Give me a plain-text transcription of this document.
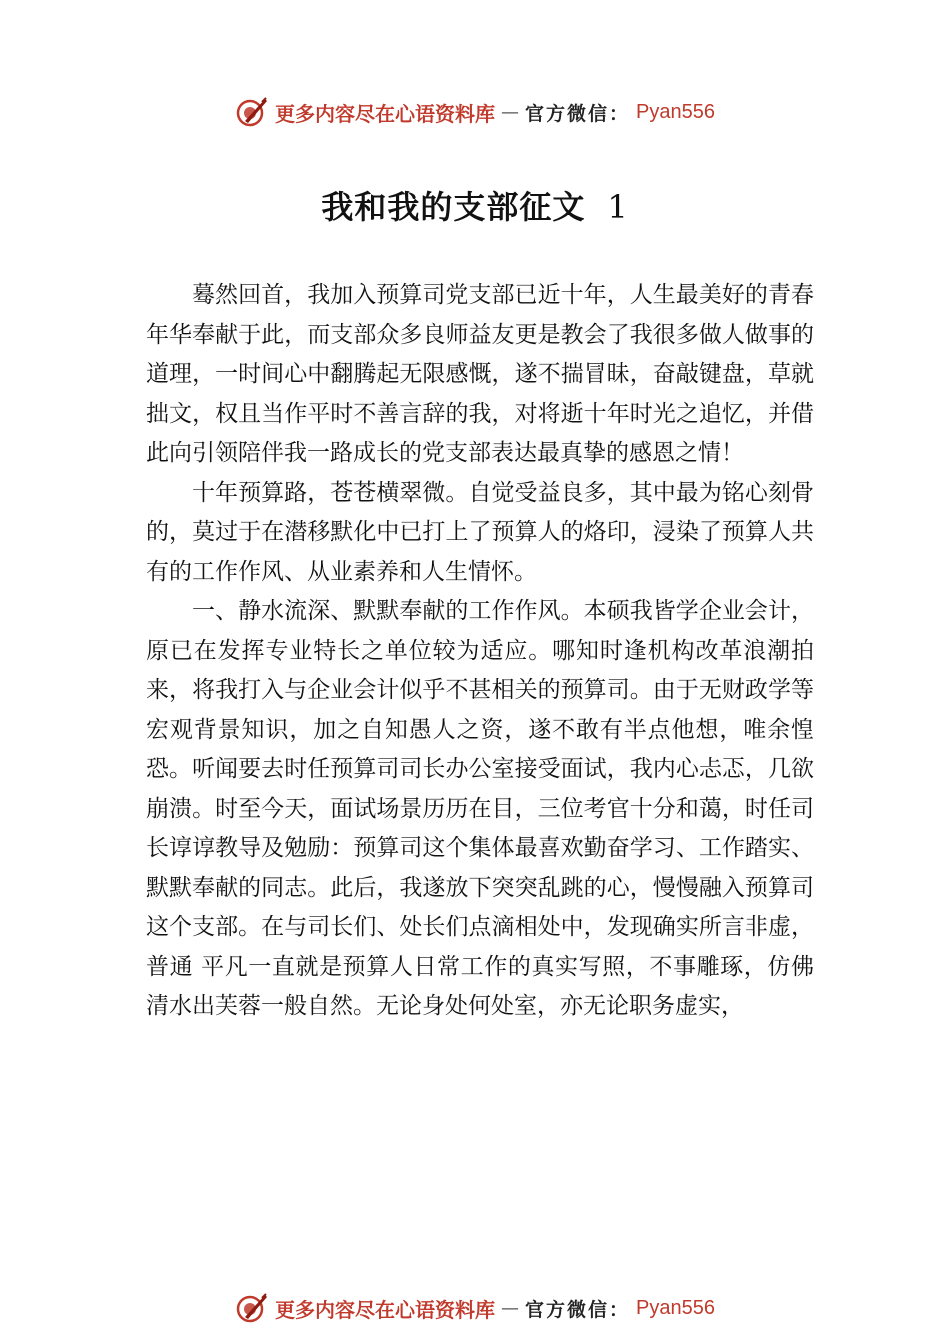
更多内容尽在心语资料库 — 官方微信： Pyan556
我和我的支部征文 1

蓦然回首，我加入预算司党支部已近十年，人生最美好的青春年华奉献于此，而支部众多良师益友更是教会了我很多做人做事的道理，一时间心中翻腾起无限感慨，遂不揣冒昧，奋敲键盘，草就拙文，权且当作平时不善言辞的我，对将逝十年时光之追忆，并借此向引领陪伴我一路成长的党支部表达最真挚的感恩之情！

十年预算路，苍苍横翠微。自觉受益良多，其中最为铭心刻骨的，莫过于在潜移默化中已打上了预算人的烙印，浸染了预算人共有的工作作风、从业素养和人生情怀。

一、静水流深、默默奉献的工作作风。本硕我皆学企业会计，原已在发挥专业特长之单位较为适应。哪知时逢机构改革浪潮拍来，将我打入与企业会计似乎不甚相关的预算司。由于无财政学等宏观背景知识，加之自知愚人之资，遂不敢有半点他想，唯余惶恐。听闻要去时任预算司司长办公室接受面试，我内心忐忑，几欲崩溃。时至今天，面试场景历历在目，三位考官十分和蔼，时任司长谆谆教导及勉励：预算司这个集体最喜欢勤奋学习、工作踏实、默默奉献的同志。此后，我遂放下突突乱跳的心，慢慢融入预算司这个支部。在与司长们、处长们点滴相处中，发现确实所言非虚，普通 平凡一直就是预算人日常工作的真实写照，不事雕琢，仿佛 清水出芙蓉一般自然。无论身处何处室，亦无论职务虚实，

更多内容尽在心语资料库 — 官方微信： Pyan556
